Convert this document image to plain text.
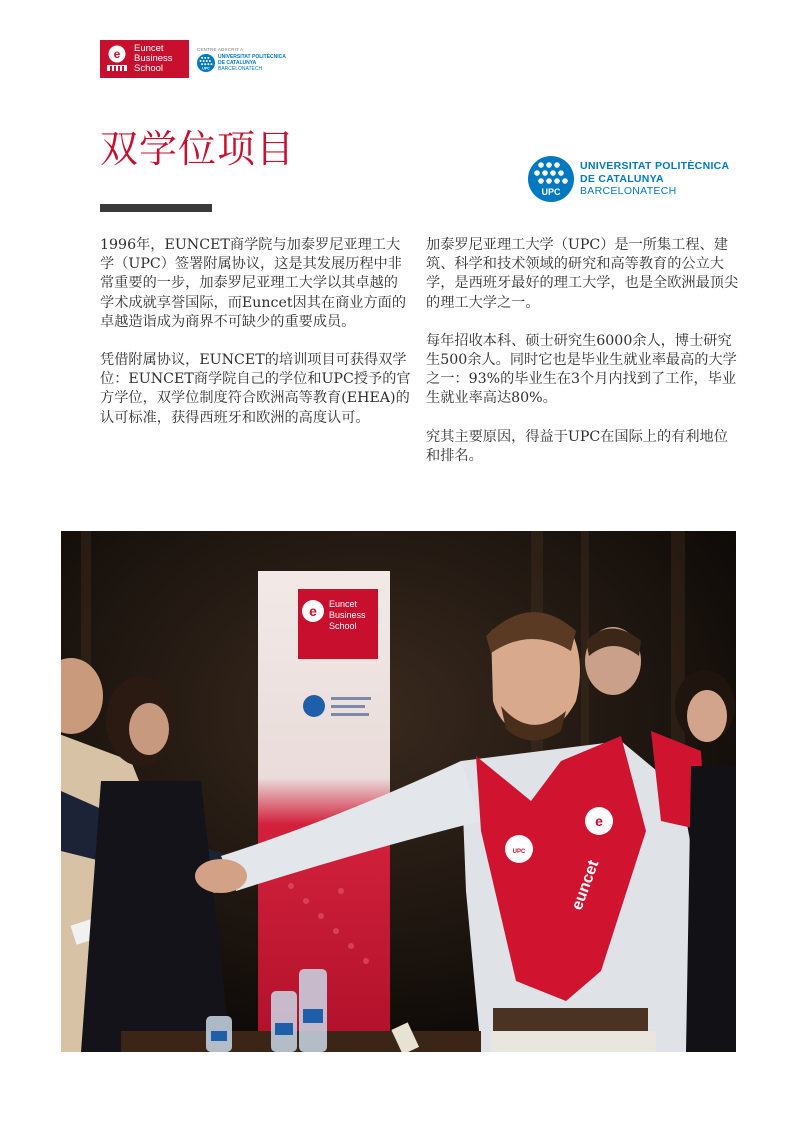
e Euncet
Business
School
CENTRE ADSCRIT A
UPC
UNIVERSITAT POLITÈCNICA
DE CATALUNYA
BARCELONATECH
双学位项目
UPC
UNIVERSITAT POLITÈCNICA
DE CATALUNYA
BARCELONATECH

1996年，EUNCET商学院与加泰罗尼亚理工大学（UPC）签署附属协议，这是其发展历程中非常重要的一步，加泰罗尼亚理工大学以其卓越的学术成就享誉国际，而Euncet因其在商业方面的卓越造诣成为商界不可缺少的重要成员。

凭借附属协议，EUNCET的培训项目可获得双学位：EUNCET商学院自己的学位和UPC授予的官方学位，双学位制度符合欧洲高等教育(EHEA)的认可标准，获得西班牙和欧洲的高度认可。

加泰罗尼亚理工大学（UPC）是一所集工程、建筑、科学和技术领域的研究和高等教育的公立大学，是西班牙最好的理工大学，也是全欧洲最顶尖的理工大学之一。

每年招收本科、硕士研究生6000余人，博士研究生500余人。同时它也是毕业生就业率最高的大学之一：93%的毕业生在3个月内找到了工作，毕业生就业率高达80%。

究其主要原因，得益于UPC在国际上的有利地位和排名。

e Euncet
Business
School
UPC
e
euncet
